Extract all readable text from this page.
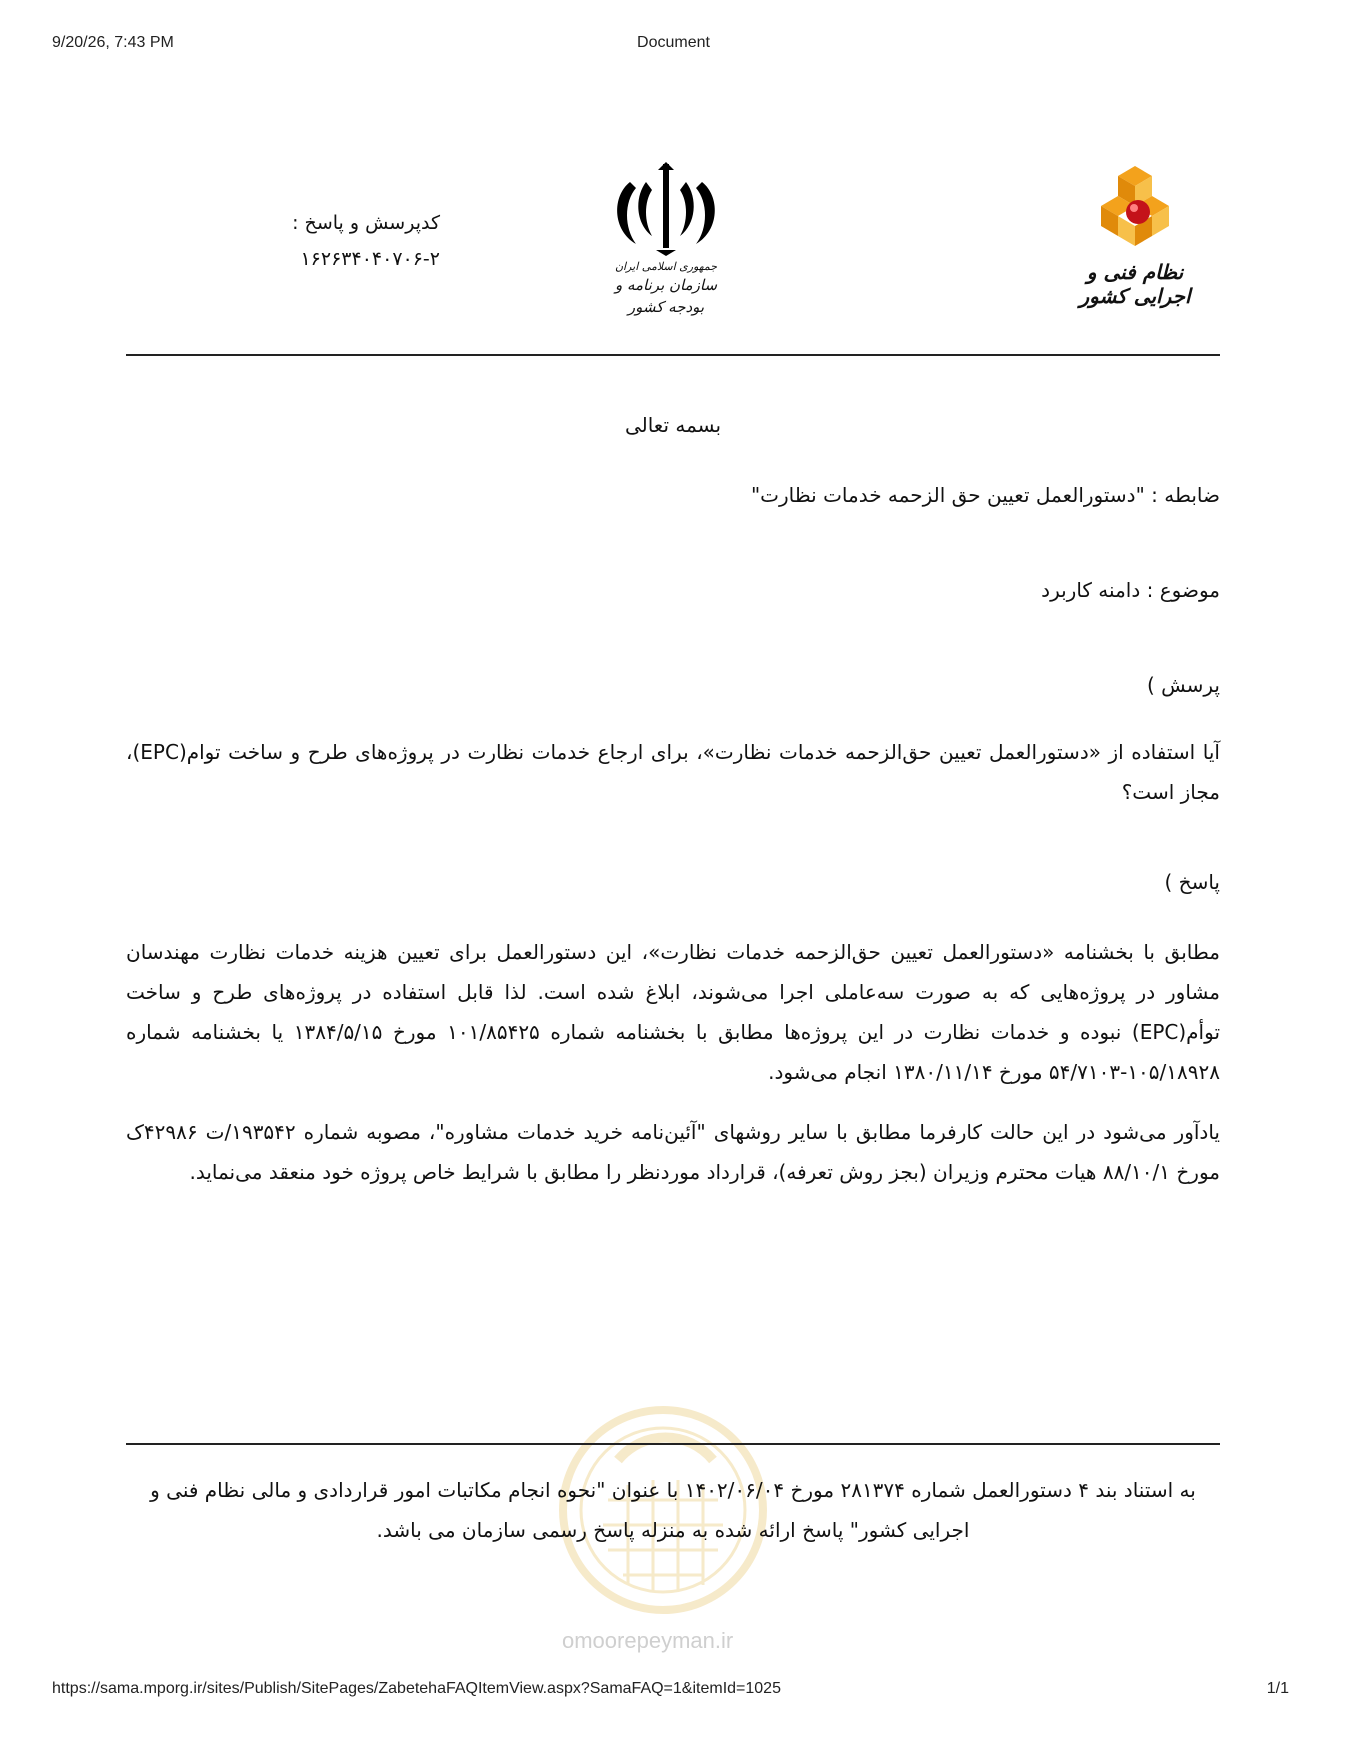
9/20/26, 7:43 PM	Document
نظام فنی و اجرایی کشور
جمهوری اسلامی ایران
سازمان برنامه و بودجه کشور
کدپرسش و پاسخ :
۱۶۲۶۳۴۰۴۰۷۰۶-۲
بسمه تعالی
ضابطه : "دستورالعمل تعیین حق الزحمه خدمات نظارت"
موضوع : دامنه کاربرد
پرسش )
آیا استفاده از «دستورالعمل تعیین حق‌الزحمه خدمات نظارت»، برای ارجاع خدمات نظارت در پروژه‌های طرح و ساخت توام(EPC)، مجاز است؟
پاسخ )
مطابق با بخشنامه «دستورالعمل تعیین حق‌الزحمه خدمات نظارت»، این دستورالعمل برای تعیین هزینه خدمات نظارت مهندسان مشاور در پروژه‌هایی که به صورت سه‌عاملی اجرا می‌شوند، ابلاغ شده است. لذا قابل استفاده در پروژه‌های طرح و ساخت توأم(EPC) نبوده و خدمات نظارت در این پروژه‌ها مطابق با بخشنامه شماره ۱۰۱/۸۵۴۲۵ مورخ ۱۳۸۴/۵/۱۵ یا بخشنامه شماره ۱۰۵/۱۸۹۲۸-۵۴/۷۱۰۳ مورخ ۱۳۸۰/۱۱/۱۴ انجام می‌شود.
یادآور می‌شود در این حالت کارفرما مطابق با سایر روشهای "آئین‌نامه خرید خدمات مشاوره"، مصوبه شماره ۱۹۳۵۴۲/ت ۴۲۹۸۶ک مورخ ۸۸/۱۰/۱ هیات محترم وزیران (بجز روش تعرفه)، قرارداد مورد‌نظر را مطابق با شرایط خاص پروژه خود منعقد می‌نماید.
omoorepeyman.ir
به استناد بند ۴ دستورالعمل شماره ۲۸۱۳۷۴ مورخ ۱۴۰۲/۰۶/۰۴ با عنوان "نحوه انجام مکاتبات امور قراردادی و مالی نظام فنی و اجرایی کشور" پاسخ ارائه شده به منزله پاسخ رسمی سازمان می باشد.
https://sama.mporg.ir/sites/Publish/SitePages/ZabetehaFAQItemView.aspx?SamaFAQ=1&itemId=1025	1/1
